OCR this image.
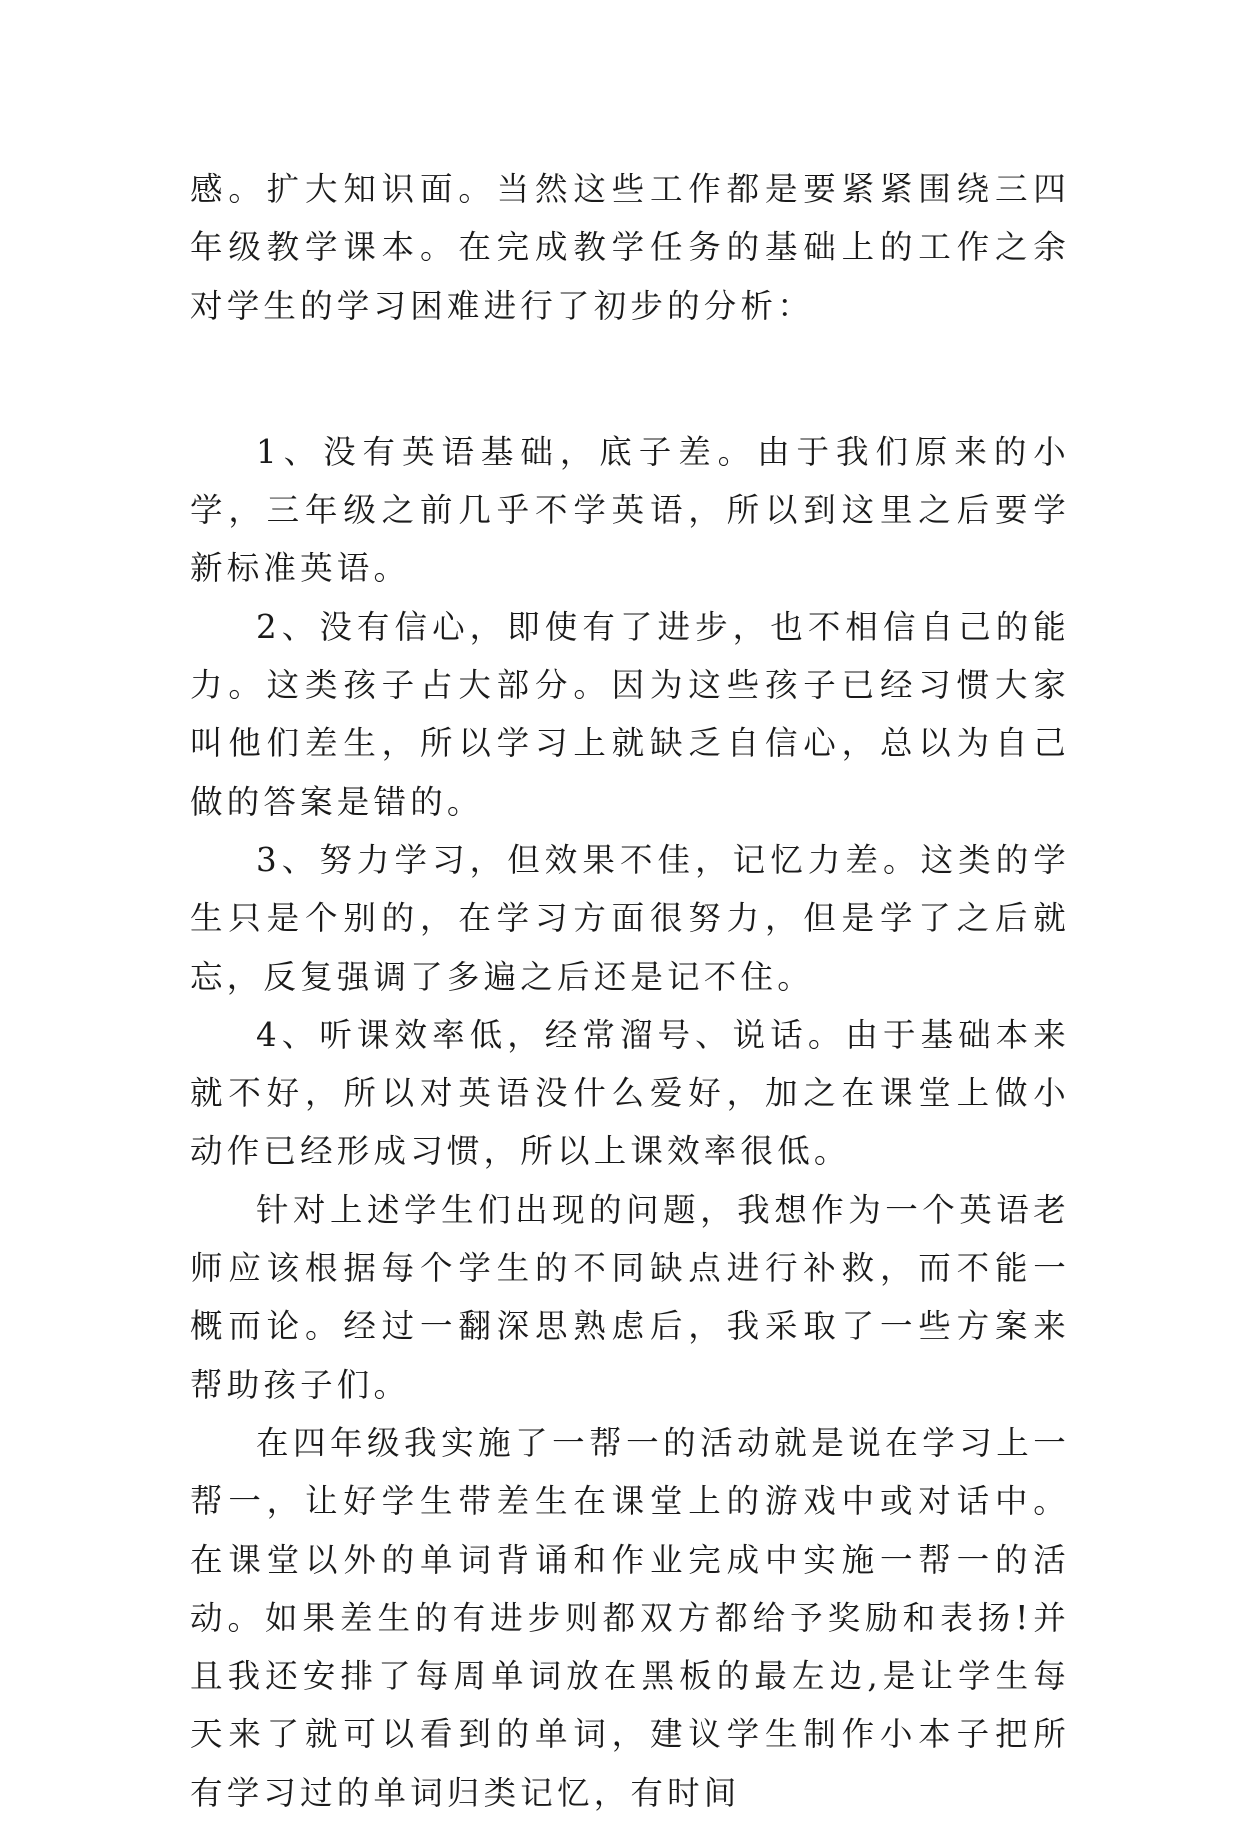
感。扩大知识面。当然这些工作都是要紧紧围绕三四年级教学课本。在完成教学任务的基础上的工作之余对学生的学习困难进行了初步的分析：

1、没有英语基础，底子差。由于我们原来的小学，三年级之前几乎不学英语，所以到这里之后要学新标准英语。

2、没有信心，即使有了进步，也不相信自己的能力。这类孩子占大部分。因为这些孩子已经习惯大家叫他们差生，所以学习上就缺乏自信心，总以为自己做的答案是错的。

3、努力学习，但效果不佳，记忆力差。这类的学生只是个别的，在学习方面很努力，但是学了之后就忘，反复强调了多遍之后还是记不住。

4、听课效率低，经常溜号、说话。由于基础本来就不好，所以对英语没什么爱好，加之在课堂上做小动作已经形成习惯，所以上课效率很低。

针对上述学生们出现的问题，我想作为一个英语老师应该根据每个学生的不同缺点进行补救，而不能一概而论。经过一翻深思熟虑后，我采取了一些方案来帮助孩子们。

在四年级我实施了一帮一的活动就是说在学习上一帮一，让好学生带差生在课堂上的游戏中或对话中。在课堂以外的单词背诵和作业完成中实施一帮一的活动。如果差生的有进步则都双方都给予奖励和表扬!并且我还安排了每周单词放在黑板的最左边,是让学生每天来了就可以看到的单词，建议学生制作小本子把所有学习过的单词归类记忆，有时间
